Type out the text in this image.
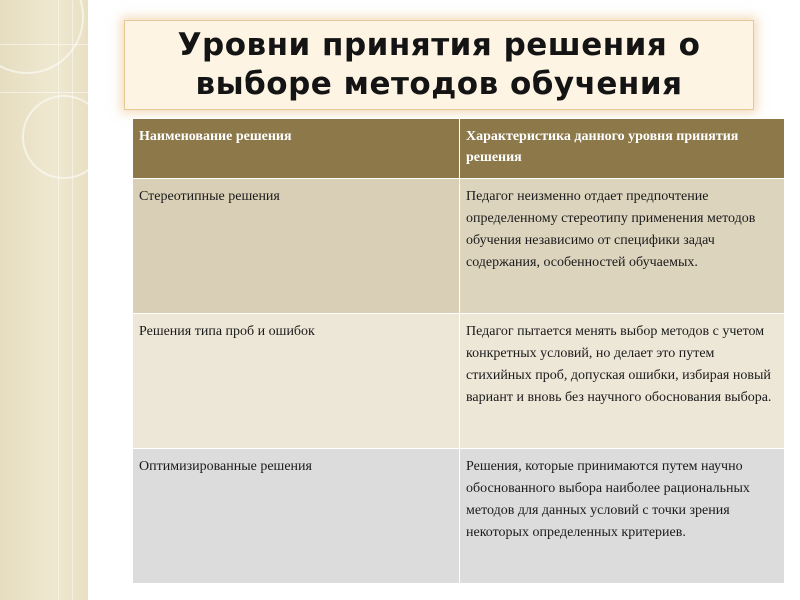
Уровни принятия решения о
выборе методов обучения
Наименование решения	Характеристика данного уровня принятия решения
Стереотипные решения	Педагог неизменно отдает предпочтение определенному стереотипу применения методов обучения независимо от специфики задач содержания, особенностей обучаемых.
Решения типа проб и ошибок	Педагог пытается менять выбор методов с учетом конкретных условий, но делает это путем стихийных проб, допуская ошибки, избирая новый вариант и вновь без научного обоснования выбора.
Оптимизированные решения	Решения, которые принимаются путем научно обоснованного выбора наиболее рациональных методов для данных условий с точки зрения некоторых определенных критериев.
